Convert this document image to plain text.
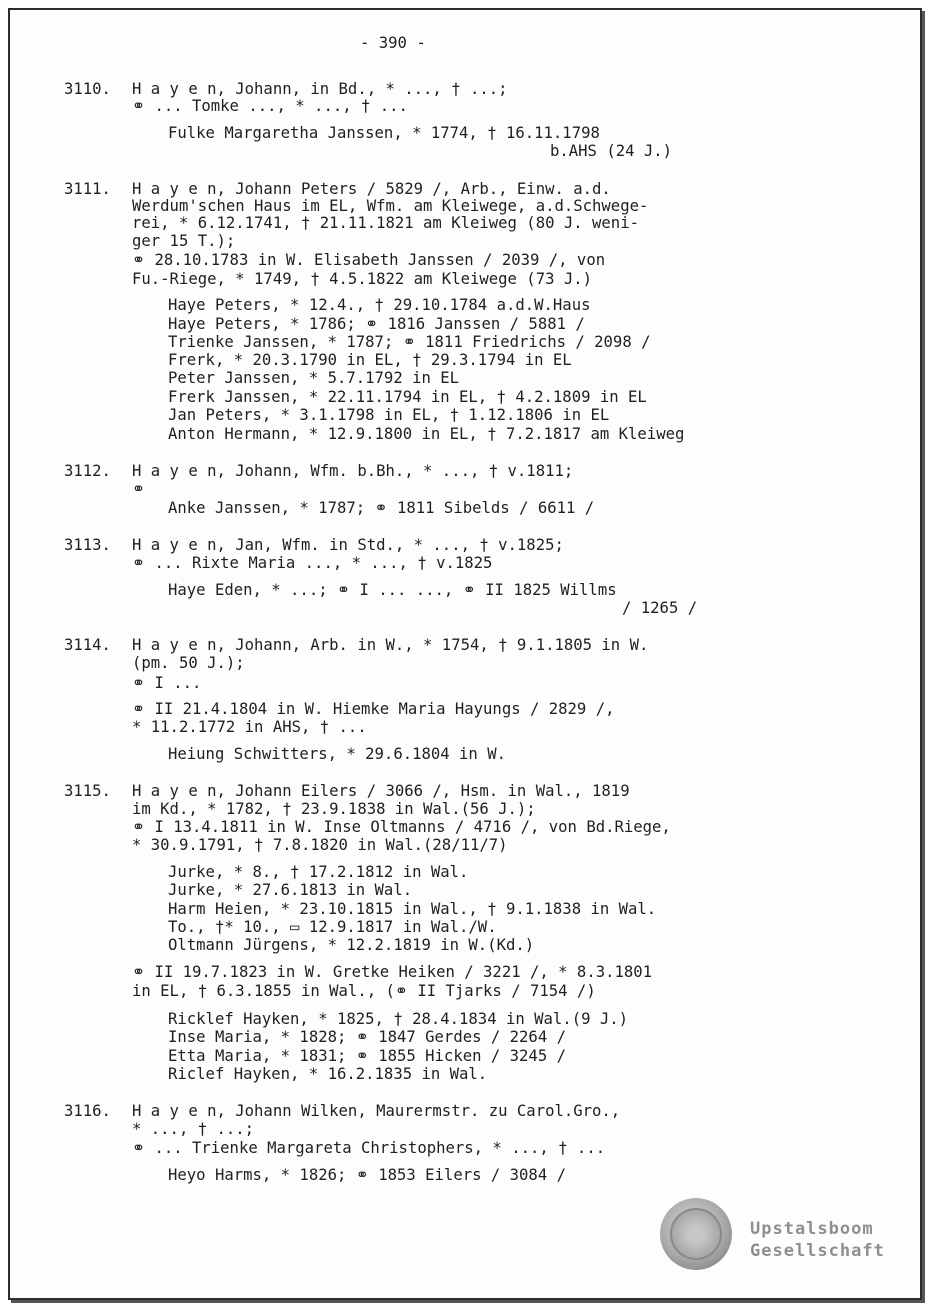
- 390 -
3110. H a y e n, Johann, in Bd., * ..., † ...;
⚭ ... Tomke ..., * ..., † ...
Fulke Margaretha Janssen, * 1774, † 16.11.1798
b.AHS (24 J.)
3111. H a y e n, Johann Peters / 5829 /, Arb., Einw. a.d.
Werdum'schen Haus im EL, Wfm. am Kleiwege, a.d.Schwege-
rei, * 6.12.1741, † 21.11.1821 am Kleiweg (80 J. weni-
ger 15 T.);
⚭ 28.10.1783 in W. Elisabeth Janssen / 2039 /, von
Fu.-Riege, * 1749, † 4.5.1822 am Kleiwege (73 J.)
Haye Peters, * 12.4., † 29.10.1784 a.d.W.Haus
Haye Peters, * 1786; ⚭ 1816 Janssen / 5881 /
Trienke Janssen, * 1787; ⚭ 1811 Friedrichs / 2098 /
Frerk, * 20.3.1790 in EL, † 29.3.1794 in EL
Peter Janssen, * 5.7.1792 in EL
Frerk Janssen, * 22.11.1794 in EL, † 4.2.1809 in EL
Jan Peters, * 3.1.1798 in EL, † 1.12.1806 in EL
Anton Hermann, * 12.9.1800 in EL, † 7.2.1817 am Kleiweg
3112. H a y e n, Johann, Wfm. b.Bh., * ..., † v.1811;
⚭
Anke Janssen, * 1787; ⚭ 1811 Sibelds / 6611 /
3113. H a y e n, Jan, Wfm. in Std., * ..., † v.1825;
⚭ ... Rixte Maria ..., * ..., † v.1825
Haye Eden, * ...; ⚭ I ... ..., ⚭ II 1825 Willms
/ 1265 /
3114. H a y e n, Johann, Arb. in W., * 1754, † 9.1.1805 in W.
(pm. 50 J.);
⚭ I ...
⚭ II 21.4.1804 in W. Hiemke Maria Hayungs / 2829 /,
* 11.2.1772 in AHS, † ...
Heiung Schwitters, * 29.6.1804 in W.
3115. H a y e n, Johann Eilers / 3066 /, Hsm. in Wal., 1819
im Kd., * 1782, † 23.9.1838 in Wal.(56 J.);
⚭ I 13.4.1811 in W. Inse Oltmanns / 4716 /, von Bd.Riege,
* 30.9.1791, † 7.8.1820 in Wal.(28/11/7)
Jurke, * 8., † 17.2.1812 in Wal.
Jurke, * 27.6.1813 in Wal.
Harm Heien, * 23.10.1815 in Wal., † 9.1.1838 in Wal.
To., †* 10., ▭ 12.9.1817 in Wal./W.
Oltmann Jürgens, * 12.2.1819 in W.(Kd.)
⚭ II 19.7.1823 in W. Gretke Heiken / 3221 /, * 8.3.1801
in EL, † 6.3.1855 in Wal., (⚭ II Tjarks / 7154 /)
Ricklef Hayken, * 1825, † 28.4.1834 in Wal.(9 J.)
Inse Maria, * 1828; ⚭ 1847 Gerdes / 2264 /
Etta Maria, * 1831; ⚭ 1855 Hicken / 3245 /
Riclef Hayken, * 16.2.1835 in Wal.
3116. H a y e n, Johann Wilken, Maurermstr. zu Carol.Gro.,
* ..., † ...;
⚭ ... Trienke Margareta Christophers, * ..., † ...
Heyo Harms, * 1826; ⚭ 1853 Eilers / 3084 /
Upstalsboom
Gesellschaft
